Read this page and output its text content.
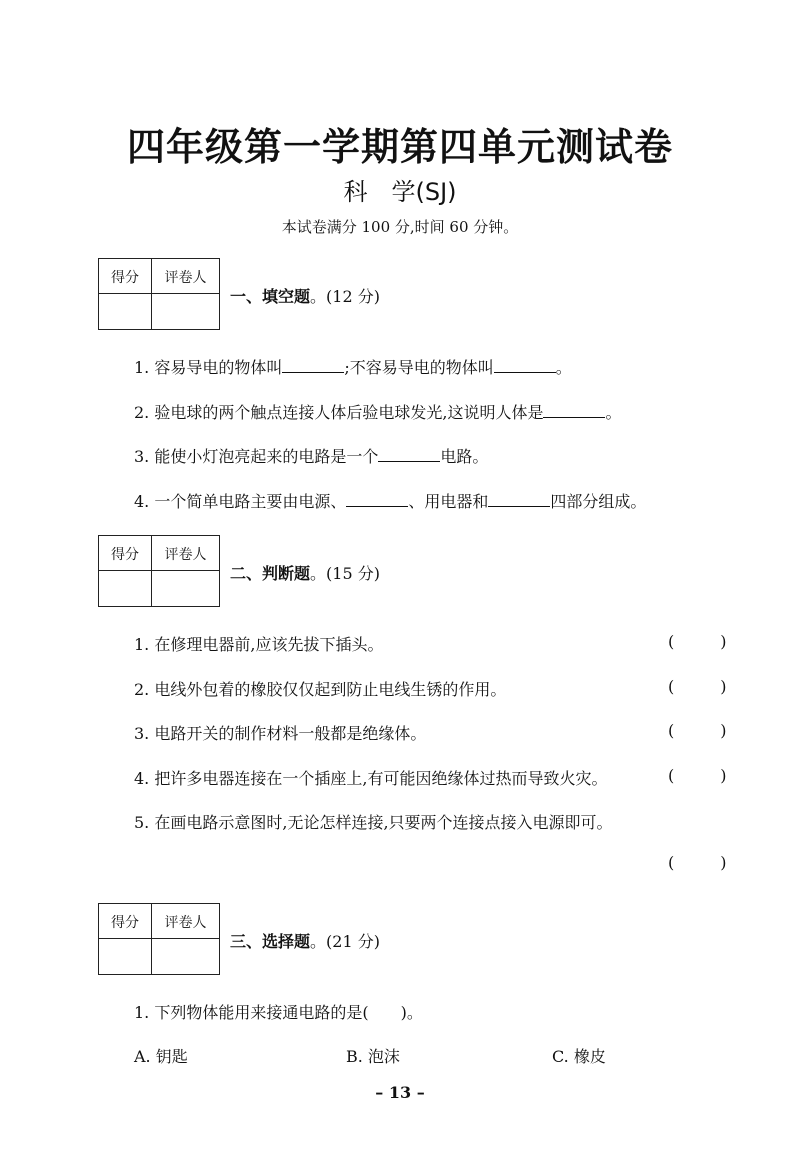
四年级第一学期第四单元测试卷
科　学(SJ)
本试卷满分 100 分,时间 60 分钟。
得分	评卷人
一、填空题。(12 分)
1. 容易导电的物体叫	;不容易导电的物体叫	。
2. 验电球的两个触点连接人体后验电球发光,这说明人体是	。
3. 能使小灯泡亮起来的电路是一个	电路。
4. 一个简单电路主要由电源、	、用电器和	四部分组成。
得分	评卷人
二、判断题。(15 分)
1. 在修理电器前,应该先拔下插头。	(	)
2. 电线外包着的橡胶仅仅起到防止电线生锈的作用。	(	)
3. 电路开关的制作材料一般都是绝缘体。	(	)
4. 把许多电器连接在一个插座上,有可能因绝缘体过热而导致火灾。	(	)
5. 在画电路示意图时,无论怎样连接,只要两个连接点接入电源即可。
(	)
得分	评卷人
三、选择题。(21 分)
1. 下列物体能用来接通电路的是(　　)。
A. 钥匙	B. 泡沫	C. 橡皮
– 13 –
